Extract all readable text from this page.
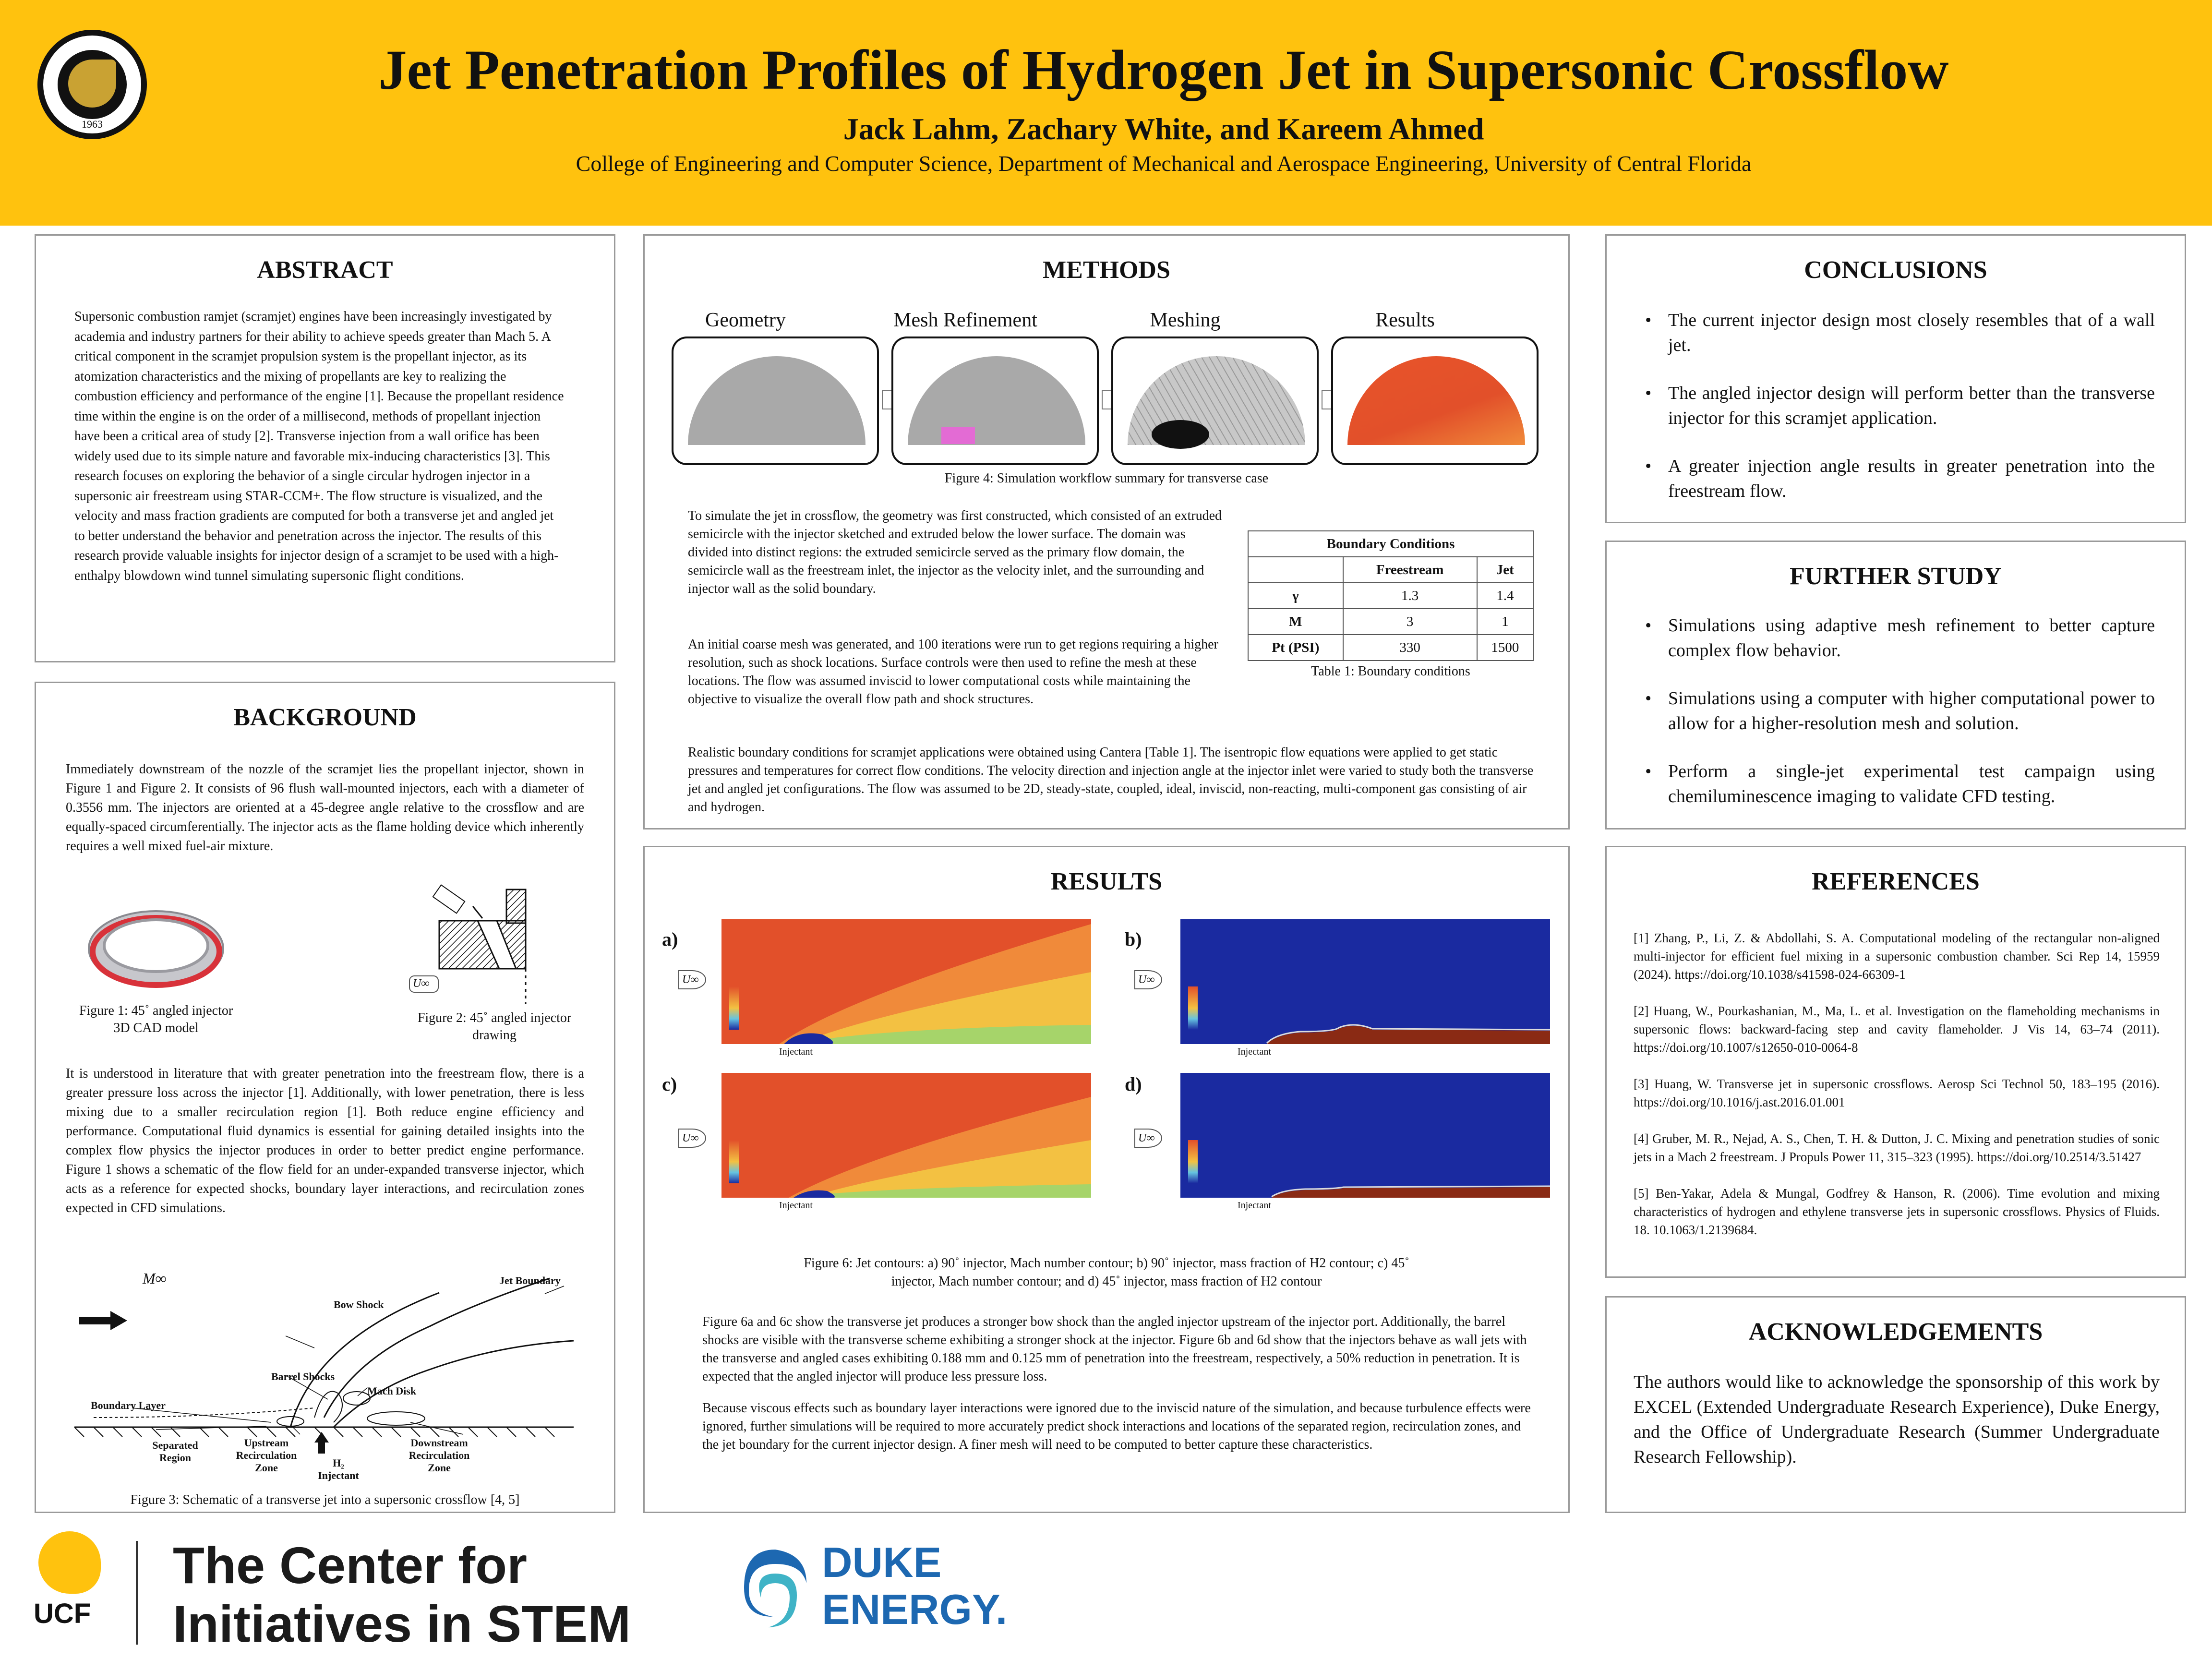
1963
Jet Penetration Profiles of Hydrogen Jet in Supersonic Crossflow
Jack Lahm, Zachary White, and Kareem Ahmed
College of Engineering and Computer Science, Department of Mechanical and Aerospace Engineering, University of Central Florida
ABSTRACT
Supersonic combustion ramjet (scramjet) engines have been increasingly investigated by academia and industry partners for their ability to achieve speeds greater than Mach 5. A critical component in the scramjet propulsion system is the propellant injector, as its atomization characteristics and the mixing of propellants are key to realizing the combustion efficiency and performance of the engine [1]. Because the propellant residence time within the engine is on the order of a millisecond, methods of propellant injection have been a critical area of study [2]. Transverse injection from a wall orifice has been widely used due to its simple nature and favorable mix-inducing characteristics [3]. This research focuses on exploring the behavior of a single circular hydrogen injector in a supersonic air freestream using STAR-CCM+. The flow structure is visualized, and the velocity and mass fraction gradients are computed for both a transverse jet and angled jet to better understand the behavior and penetration across the injector. The results of this research provide valuable insights for injector design of a scramjet to be used with a high-enthalpy blowdown wind tunnel simulating supersonic flight conditions.
BACKGROUND
Immediately downstream of the nozzle of the scramjet lies the propellant injector, shown in Figure 1 and Figure 2. It consists of 96 flush wall-mounted injectors, each with a diameter of 0.3556 mm. The injectors are oriented at a 45-degree angle relative to the crossflow and are equally-spaced circumferentially. The injector acts as the flame holding device which inherently requires a well mixed fuel-air mixture.
Figure 1: 45˚ angled injector 3D CAD model
U∞
Figure 2: 45˚ angled injector drawing
It is understood in literature that with greater penetration into the freestream flow, there is a greater pressure loss across the injector [1]. Additionally, with lower penetration, there is less mixing due to a smaller recirculation region [1]. Both reduce engine efficiency and performance. Computational fluid dynamics is essential for gaining detailed insights into the complex flow physics the injector produces in order to better predict engine performance. Figure 1 shows a schematic of the flow field for an under-expanded transverse injector, which acts as a reference for expected shocks, boundary layer interactions, and recirculation zones expected in CFD simulations.
M∞
Bow Shock
Jet Boundary
Barrel Shocks
Mach Disk
Boundary Layer
Separated
Region
Upstream
Recirculation
Zone	H₂
Injectant
Downstream
Recirculation
Zone
Figure 3: Schematic of a transverse jet into a supersonic crossflow [4, 5]
METHODS
Geometry	Mesh Refinement	Meshing	Results
Figure 4: Simulation workflow summary for transverse case
To simulate the jet in crossflow, the geometry was first constructed, which consisted of an extruded semicircle with the injector sketched and extruded below the lower surface. The domain was divided into distinct regions: the extruded semicircle served as the primary flow domain, the semicircle wall as the freestream inlet, the injector as the velocity inlet, and the surrounding and injector wall as the solid boundary.
An initial coarse mesh was generated, and 100 iterations were run to get regions requiring a higher resolution, such as shock locations. Surface controls were then used to refine the mesh at these locations. The flow was assumed inviscid to lower computational costs while maintaining the objective to visualize the overall flow path and shock structures.
Boundary Conditions		
	Freestream	Jet
γ	1.3	1.4
M	3	1
Pt (PSI)	330	1500
Table 1: Boundary conditions
Realistic boundary conditions for scramjet applications were obtained using Cantera [Table 1]. The isentropic flow equations were applied to get static pressures and temperatures for correct flow conditions. The velocity direction and injection angle at the injector inlet were varied to study both the transverse jet and angled jet configurations. The flow was assumed to be 2D, steady-state, coupled, ideal, inviscid, non-reacting, multi-component gas consisting of air and hydrogen.
RESULTS
a)	b)
c)	d)
U∞	U∞
U∞	U∞
Injectant	Injectant
Injectant	Injectant
Figure 6: Jet contours: a) 90˚ injector, Mach number contour; b) 90˚ injector, mass fraction of H2 contour; c) 45˚ injector, Mach number contour; and d) 45˚ injector, mass fraction of H2 contour
Figure 6a and 6c show the transverse jet produces a stronger bow shock than the angled injector upstream of the injector port. Additionally, the barrel shocks are visible with the transverse scheme exhibiting a stronger shock at the injector. Figure 6b and 6d show that the injectors behave as wall jets with the transverse and angled cases exhibiting 0.188 mm and 0.125 mm of penetration into the freestream, respectively, a 50% reduction in penetration. It is expected that the angled injector will produce less pressure loss.
Because viscous effects such as boundary layer interactions were ignored due to the inviscid nature of the simulation, and because turbulence effects were ignored, further simulations will be required to more accurately predict shock interactions and locations of the separated region, recirculation zones, and the jet boundary for the current injector design. A finer mesh will need to be computed to better capture these characteristics.
CONCLUSIONS
• The current injector design most closely resembles that of a wall jet.
• The angled injector design will perform better than the transverse injector for this scramjet application.
• A greater injection angle results in greater penetration into the freestream flow.
FURTHER STUDY
• Simulations using adaptive mesh refinement to better capture complex flow behavior.
• Simulations using a computer with higher computational power to allow for a higher-resolution mesh and solution.
• Perform a single-jet experimental test campaign using chemiluminescence imaging to validate CFD testing.
REFERENCES
[1] Zhang, P., Li, Z. & Abdollahi, S. A. Computational modeling of the rectangular non-aligned multi-injector for efficient fuel mixing in a supersonic combustion chamber. Sci Rep 14, 15959 (2024). https://doi.org/10.1038/s41598-024-66309-1
[2] Huang, W., Pourkashanian, M., Ma, L. et al. Investigation on the flameholding mechanisms in supersonic flows: backward-facing step and cavity flameholder. J Vis 14, 63–74 (2011). https://doi.org/10.1007/s12650-010-0064-8
[3] Huang, W. Transverse jet in supersonic crossflows. Aerosp Sci Technol 50, 183–195 (2016). https://doi.org/10.1016/j.ast.2016.01.001
[4] Gruber, M. R., Nejad, A. S., Chen, T. H. & Dutton, J. C. Mixing and penetration studies of sonic jets in a Mach 2 freestream. J Propuls Power 11, 315–323 (1995). https://doi.org/10.2514/3.51427
[5] Ben-Yakar, Adela & Mungal, Godfrey & Hanson, R. (2006). Time evolution and mixing characteristics of hydrogen and ethylene transverse jets in supersonic crossflows. Physics of Fluids. 18. 10.1063/1.2139684.
ACKNOWLEDGEMENTS
The authors would like to acknowledge the sponsorship of this work by EXCEL (Extended Undergraduate Research Experience), Duke Energy, and the Office of Undergraduate Research (Summer Undergraduate Research Fellowship).
UCF
The Center for
Initiatives in STEM
DUKE
ENERGY.
